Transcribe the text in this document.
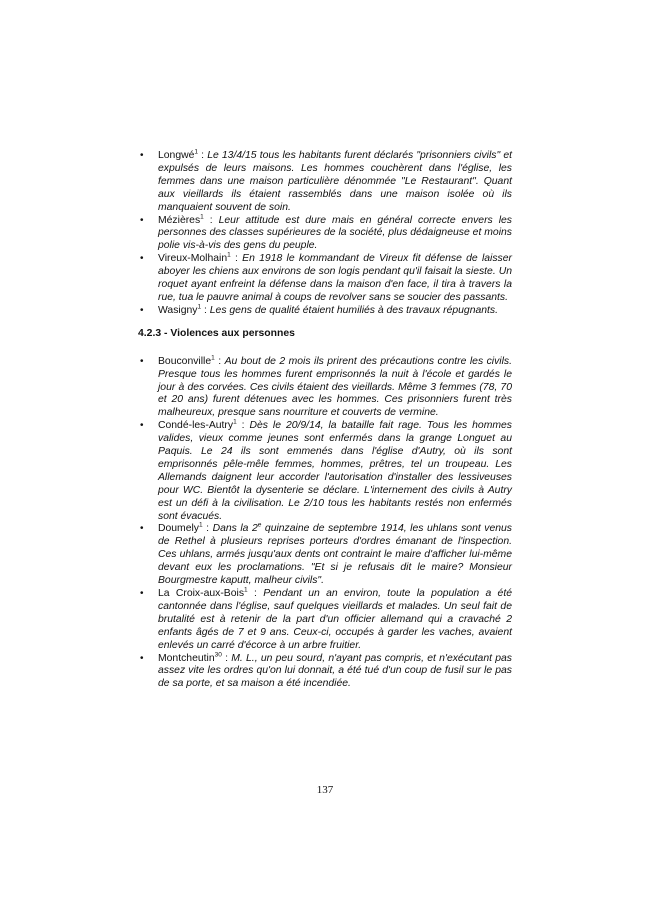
• Longwé$^1$ : Le 13/4/15 tous les habitants furent déclarés "prisonniers civils" et expulsés de leurs maisons. Les hommes couchèrent dans l'église, les femmes dans une maison particulière dénommée "Le Restaurant". Quant aux vieillards ils étaient rassemblés dans une maison isolée où ils manquaient souvent de soin.
• Mézières$^1$ : Leur attitude est dure mais en général correcte envers les personnes des classes supérieures de la société, plus dédaigneuse et moins polie vis-à-vis des gens du peuple.
• Vireux-Molhain$^1$ : En 1918 le kommandant de Vireux fit défense de laisser aboyer les chiens aux environs de son logis pendant qu'il faisait la sieste. Un roquet ayant enfreint la défense dans la maison d'en face, il tira à travers la rue, tua le pauvre animal à coups de revolver sans se soucier des passants.
• Wasigny$^1$ : Les gens de qualité étaient humiliés à des travaux répugnants.
4.2.3 - Violences aux personnes
• Bouconville$^1$ : Au bout de 2 mois ils prirent des précautions contre les civils. Presque tous les hommes furent emprisonnés la nuit à l'école et gardés le jour à des corvées. Ces civils étaient des vieillards. Même 3 femmes (78, 70 et 20 ans) furent détenues avec les hommes. Ces prisonniers furent très malheureux, presque sans nourriture et couverts de vermine.
• Condé-les-Autry$^1$ : Dès le 20/9/14, la bataille fait rage. Tous les hommes valides, vieux comme jeunes sont enfermés dans la grange Longuet au Paquis. Le 24 ils sont emmenés dans l'église d'Autry, où ils sont emprisonnés pêle-mêle femmes, hommes, prêtres, tel un troupeau. Les Allemands daignent leur accorder l'autorisation d'installer des lessiveuses pour WC. Bientôt la dysenterie se déclare. L'internement des civils à Autry est un défi à la civilisation. Le 2/10 tous les habitants restés non enfermés sont évacués.
• Doumely$^1$ : Dans la 2e quinzaine de septembre 1914, les uhlans sont venus de Rethel à plusieurs reprises porteurs d'ordres émanant de l'inspection. Ces uhlans, armés jusqu'aux dents ont contraint le maire d'afficher lui-même devant eux les proclamations. "Et si je refusais dit le maire? Monsieur Bourgmestre kaputt, malheur civils".
• La Croix-aux-Bois$^1$ : Pendant un an environ, toute la population a été cantonnée dans l'église, sauf quelques vieillards et malades. Un seul fait de brutalité est à retenir de la part d'un officier allemand qui a cravaché 2 enfants âgés de 7 et 9 ans. Ceux-ci, occupés à garder les vaches, avaient enlevés un carré d'écorce à un arbre fruitier.
• Montcheutin$^{30}$ : M. L., un peu sourd, n'ayant pas compris, et n'exécutant pas assez vite les ordres qu'on lui donnait, a été tué d'un coup de fusil sur le pas de sa porte, et sa maison a été incendiée.
137
